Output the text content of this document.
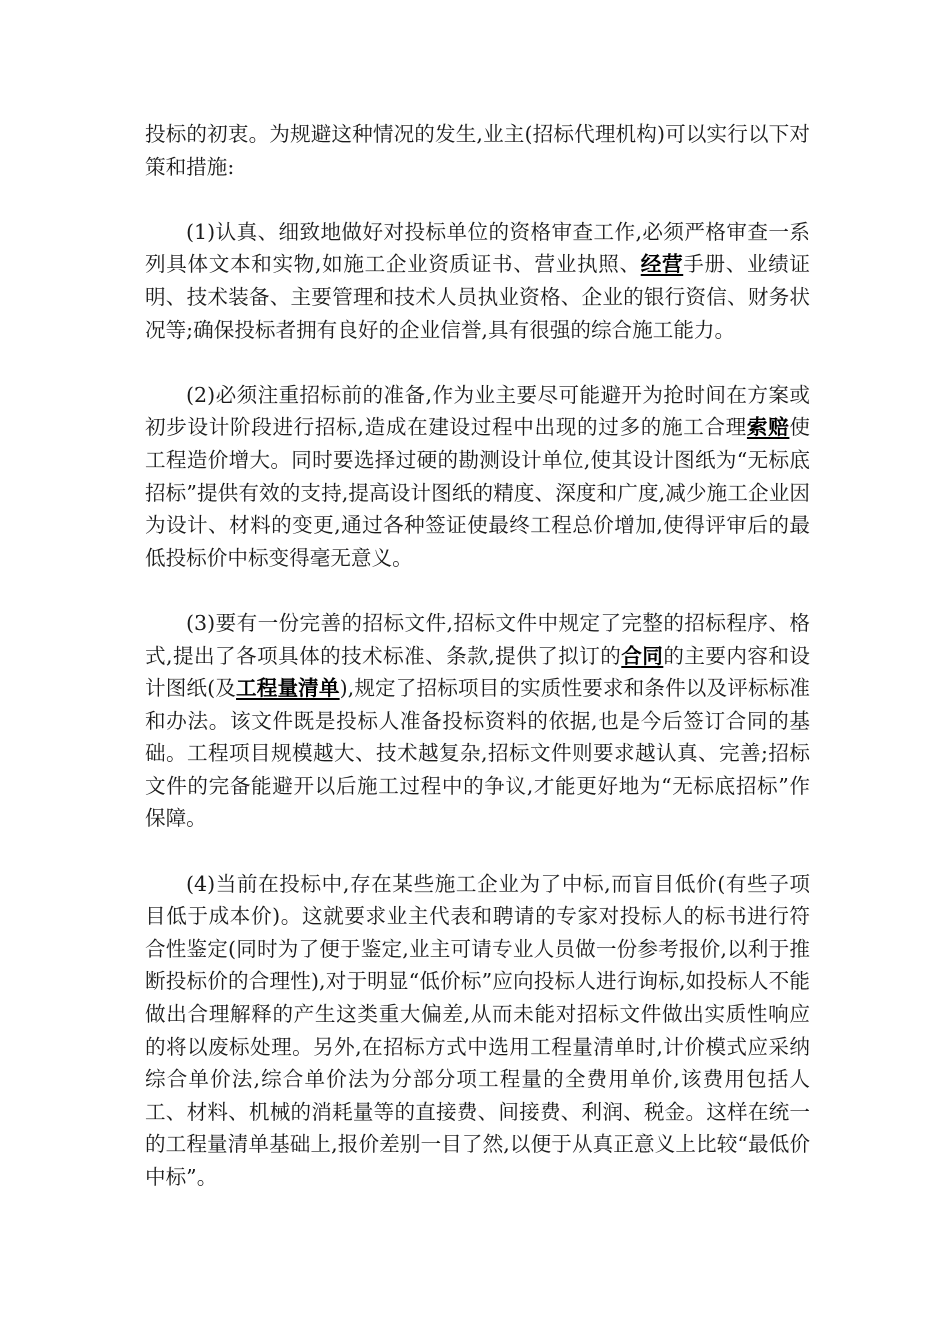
投标的初衷。为规避这种情况的发生,业主(招标代理机构)可以实行以下对策和措施:

(1)认真、细致地做好对投标单位的资格审查工作,必须严格审查一系列具体文本和实物,如施工企业资质证书、营业执照、经营手册、业绩证明、技术装备、主要管理和技术人员执业资格、企业的银行资信、财务状况等;确保投标者拥有良好的企业信誉,具有很强的综合施工能力。

(2)必须注重招标前的准备,作为业主要尽可能避开为抢时间在方案或初步设计阶段进行招标,造成在建设过程中出现的过多的施工合理索赔使工程造价增大。同时要选择过硬的勘测设计单位,使其设计图纸为“无标底招标”提供有效的支持,提高设计图纸的精度、深度和广度,减少施工企业因为设计、材料的变更,通过各种签证使最终工程总价增加,使得评审后的最低投标价中标变得毫无意义。

(3)要有一份完善的招标文件,招标文件中规定了完整的招标程序、格式,提出了各项具体的技术标准、条款,提供了拟订的合同的主要内容和设计图纸(及工程量清单),规定了招标项目的实质性要求和条件以及评标标准和办法。该文件既是投标人准备投标资料的依据,也是今后签订合同的基础。工程项目规模越大、技术越复杂,招标文件则要求越认真、完善;招标文件的完备能避开以后施工过程中的争议,才能更好地为“无标底招标”作保障。

(4)当前在投标中,存在某些施工企业为了中标,而盲目低价(有些子项目低于成本价)。这就要求业主代表和聘请的专家对投标人的标书进行符合性鉴定(同时为了便于鉴定,业主可请专业人员做一份参考报价,以利于推断投标价的合理性),对于明显“低价标”应向投标人进行询标,如投标人不能做出合理解释的产生这类重大偏差,从而未能对招标文件做出实质性响应的将以废标处理。另外,在招标方式中选用工程量清单时,计价模式应采纳综合单价法,综合单价法为分部分项工程量的全费用单价,该费用包括人工、材料、机械的消耗量等的直接费、间接费、利润、税金。这样在统一的工程量清单基础上,报价差别一目了然,以便于从真正意义上比较“最低价中标”。
